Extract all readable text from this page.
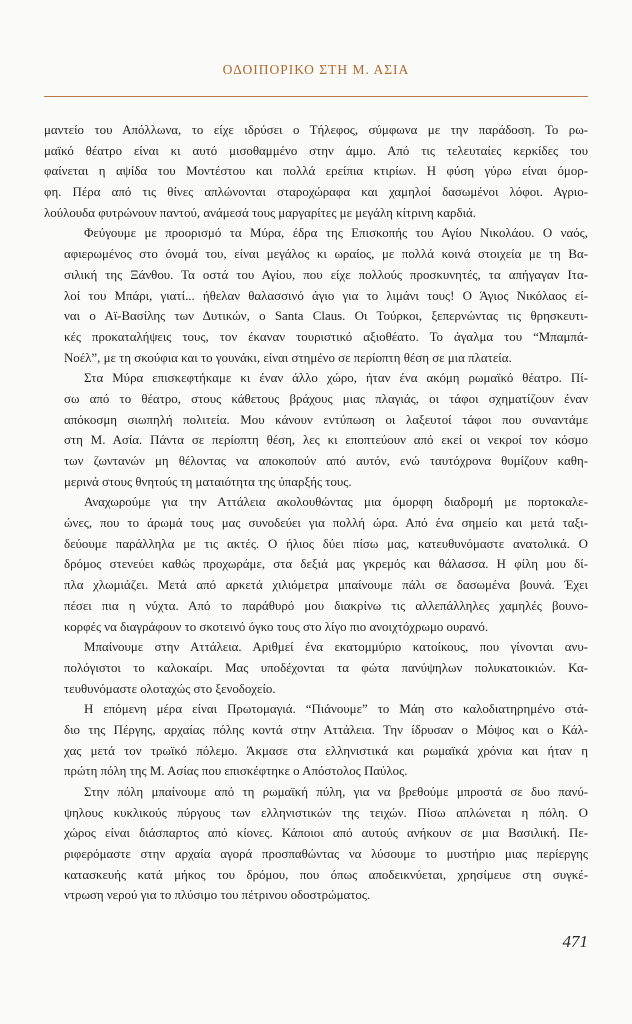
ΟΔΟΙΠΟΡΙΚΟ ΣΤΗ Μ. ΑΣΙΑ
μαντείο του Απόλλωνα, το είχε ιδρύσει ο Τήλεφος, σύμφωνα με την παράδοση. Το ρω-
μαϊκό θέατρο είναι κι αυτό μισοθαμμένο στην άμμο. Από τις τελευταίες κερκίδες του
φαίνεται η αψίδα του Μοντέστου και πολλά ερείπια κτιρίων. Η φύση γύρω είναι όμορ-
φη. Πέρα από τις θίνες απλώνονται σταροχώραφα και χαμηλοί δασωμένοι λόφοι. Αγριο-
λούλουδα φυτρώνουν παντού, ανάμεσά τους μαργαρίτες με μεγάλη κίτρινη καρδιά.
Φεύγουμε με προορισμό τα Μύρα, έδρα της Επισκοπής του Αγίου Νικολάου. Ο ναός,
αφιερωμένος στο όνομά του, είναι μεγάλος κι ωραίος, με πολλά κοινά στοιχεία με τη Βα-
σιλική της Ξάνθου. Τα οστά του Αγίου, που είχε πολλούς προσκυνητές, τα απήγαγαν Ιτα-
λοί του Μπάρι, γιατί... ήθελαν θαλασσινό άγιο για το λιμάνι τους! Ο Άγιος Νικόλαος εί-
ναι ο Αϊ-Βασίλης των Δυτικών, ο Santa Claus. Οι Τούρκοι, ξεπερνώντας τις θρησκευτι-
κές προκαταλήψεις τους, τον έκαναν τουριστικό αξιοθέατο. Το άγαλμα του “Μπαμπά-
Νοέλ”, με τη σκούφια και το γουνάκι, είναι στημένο σε περίοπτη θέση σε μια πλατεία.
Στα Μύρα επισκεφτήκαμε κι έναν άλλο χώρο, ήταν ένα ακόμη ρωμαϊκό θέατρο. Πί-
σω από το θέατρο, στους κάθετους βράχους μιας πλαγιάς, οι τάφοι σχηματίζουν έναν
απόκοσμη σιωπηλή πολιτεία. Μου κάνουν εντύπωση οι λαξευτοί τάφοι που συναντάμε
στη Μ. Ασία. Πάντα σε περίοπτη θέση, λες κι εποπτεύουν από εκεί οι νεκροί τον κόσμο
των ζωντανών μη θέλοντας να αποκοπούν από αυτόν, ενώ ταυτόχρονα θυμίζουν καθη-
μερινά στους θνητούς τη ματαιότητα της ύπαρξής τους.
Αναχωρούμε για την Αττάλεια ακολουθώντας μια όμορφη διαδρομή με πορτοκαλε-
ώνες, που το άρωμά τους μας συνοδεύει για πολλή ώρα. Από ένα σημείο και μετά ταξι-
δεύουμε παράλληλα με τις ακτές. Ο ήλιος δύει πίσω μας, κατευθυνόμαστε ανατολικά. Ο
δρόμος στενεύει καθώς προχωράμε, στα δεξιά μας γκρεμός και θάλασσα. Η φίλη μου δί-
πλα χλωμιάζει. Μετά από αρκετά χιλιόμετρα μπαίνουμε πάλι σε δασωμένα βουνά. Έχει
πέσει πια η νύχτα. Από το παράθυρό μου διακρίνω τις αλλεπάλληλες χαμηλές βουνο-
κορφές να διαγράφουν το σκοτεινό όγκο τους στο λίγο πιο ανοιχτόχρωμο ουρανό.
Μπαίνουμε στην Αττάλεια. Αριθμεί ένα εκατομμύριο κατοίκους, που γίνονται ανυ-
πολόγιστοι το καλοκαίρι. Μας υποδέχονται τα φώτα πανύψηλων πολυκατοικιών. Κα-
τευθυνόμαστε ολοταχώς στο ξενοδοχείο.
Η επόμενη μέρα είναι Πρωτομαγιά. “Πιάνουμε” το Μάη στο καλοδιατηρημένο στά-
διο της Πέργης, αρχαίας πόλης κοντά στην Αττάλεια. Την ίδρυσαν ο Μόψος και ο Κάλ-
χας μετά τον τρωϊκό πόλεμο. Άκμασε στα ελληνιστικά και ρωμαϊκά χρόνια και ήταν η
πρώτη πόλη της Μ. Ασίας που επισκέφτηκε ο Απόστολος Παύλος.
Στην πόλη μπαίνουμε από τη ρωμαϊκή πύλη, για να βρεθούμε μπροστά σε δυο πανύ-
ψηλους κυκλικούς πύργους των ελληνιστικών της τειχών. Πίσω απλώνεται η πόλη. Ο
χώρος είναι διάσπαρτος από κίονες. Κάποιοι από αυτούς ανήκουν σε μια Βασιλική. Πε-
ριφερόμαστε στην αρχαία αγορά προσπαθώντας να λύσουμε το μυστήριο μιας περίεργης
κατασκευής κατά μήκος του δρόμου, που όπως αποδεικνύεται, χρησίμευε στη συγκέ-
ντρωση νερού για το πλύσιμο του πέτρινου οδοστρώματος.
471
